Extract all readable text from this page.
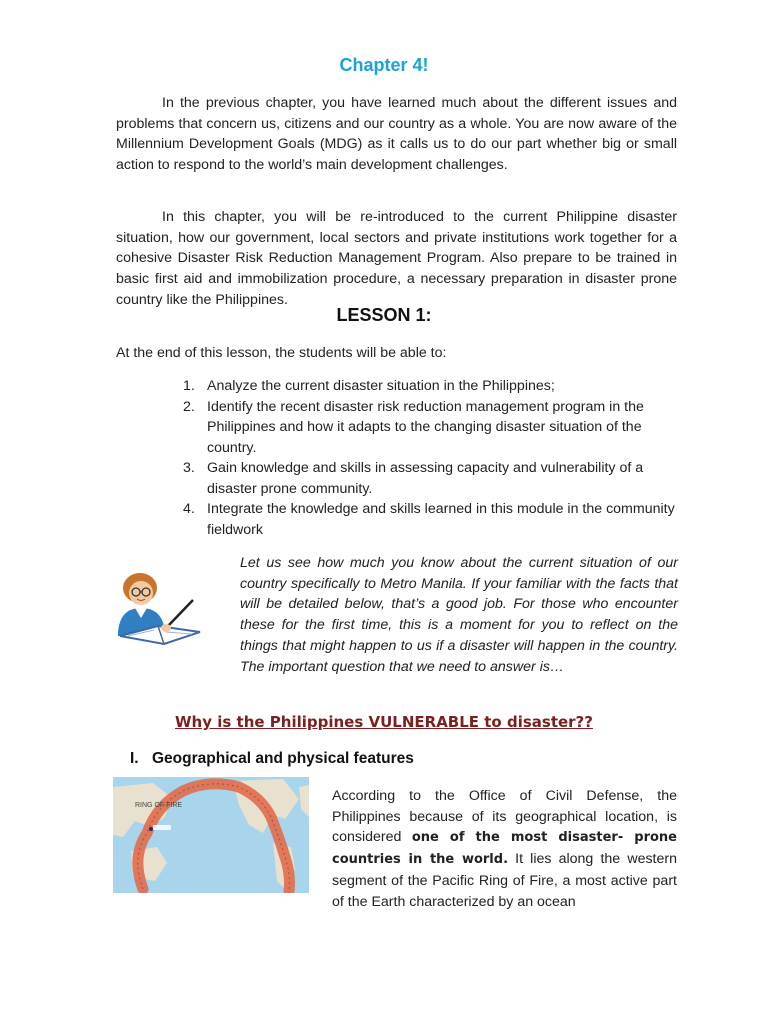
Chapter 4!

In the previous chapter, you have learned much about the different issues and problems that concern us, citizens and our country as a whole. You are now aware of the Millennium Development Goals (MDG) as it calls us to do our part whether big or small action to respond to the world’s main development challenges.

In this chapter, you will be re-introduced to the current Philippine disaster situation, how our government, local sectors and private institutions work together for a cohesive Disaster Risk Reduction Management Program. Also prepare to be trained in basic first aid and immobilization procedure, a necessary preparation in disaster prone country like the Philippines.

LESSON 1:

At the end of this lesson, the students will be able to:

1. Analyze the current disaster situation in the Philippines;
2. Identify the recent disaster risk reduction management program in the Philippines and how it adapts to the changing disaster situation of the country.
3. Gain knowledge and skills in assessing capacity and vulnerability of a disaster prone community.
4. Integrate the knowledge and skills learned in this module in the community fieldwork

Let us see how much you know about the current situation of our country specifically to Metro Manila. If your familiar with the facts that will be detailed below, that’s a good job. For those who encounter these for the first time, this is a moment for you to reflect on the things that might happen to us if a disaster will happen in the country. The important question that we need to answer is…

Why is the Philippines VULNERABLE to disaster??
I. Geographical and physical features
RING OF FIRE

According to the Office of Civil Defense, the Philippines because of its geographical location, is considered one of the most disaster- prone countries in the world. It lies along the western segment of the Pacific Ring of Fire, a most active part of the Earth characterized by an ocean
